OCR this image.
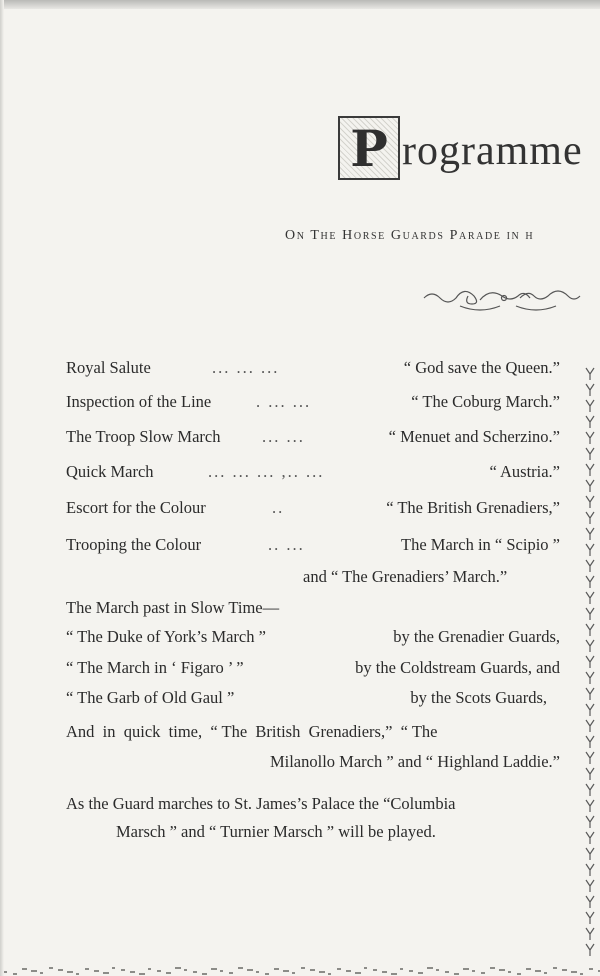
P rogramme
On The Horse Guards Parade in h
Royal Salute	... ... ...	“ God save the Queen.”
Inspection of the Line	. ... ...	“ The Coburg March.”
The Troop Slow March	... ...	“ Menuet and Scherzino.”
Quick March	... ... ... ,.. ...	“ Austria.”
Escort for the Colour	..	“ The British Grenadiers,”
Trooping the Colour	.. ...	The March in “ Scipio ”
and “ The Grenadiers’ March.”
The March past in Slow Time—
“ The Duke of York’s March ”	by the Grenadier Guards,
“ The March in ‘ Figaro ’ ”	by the Coldstream Guards, and
“ The Garb of Old Gaul ”	by the Scots Guards,
And  in  quick  time,  “ The  British  Grenadiers,”  “ The
Milanollo March ” and “ Highland Laddie.”
As the Guard marches to St. James’s Palace the “Columbia
Marsch ” and “ Turnier Marsch ” will be played.
